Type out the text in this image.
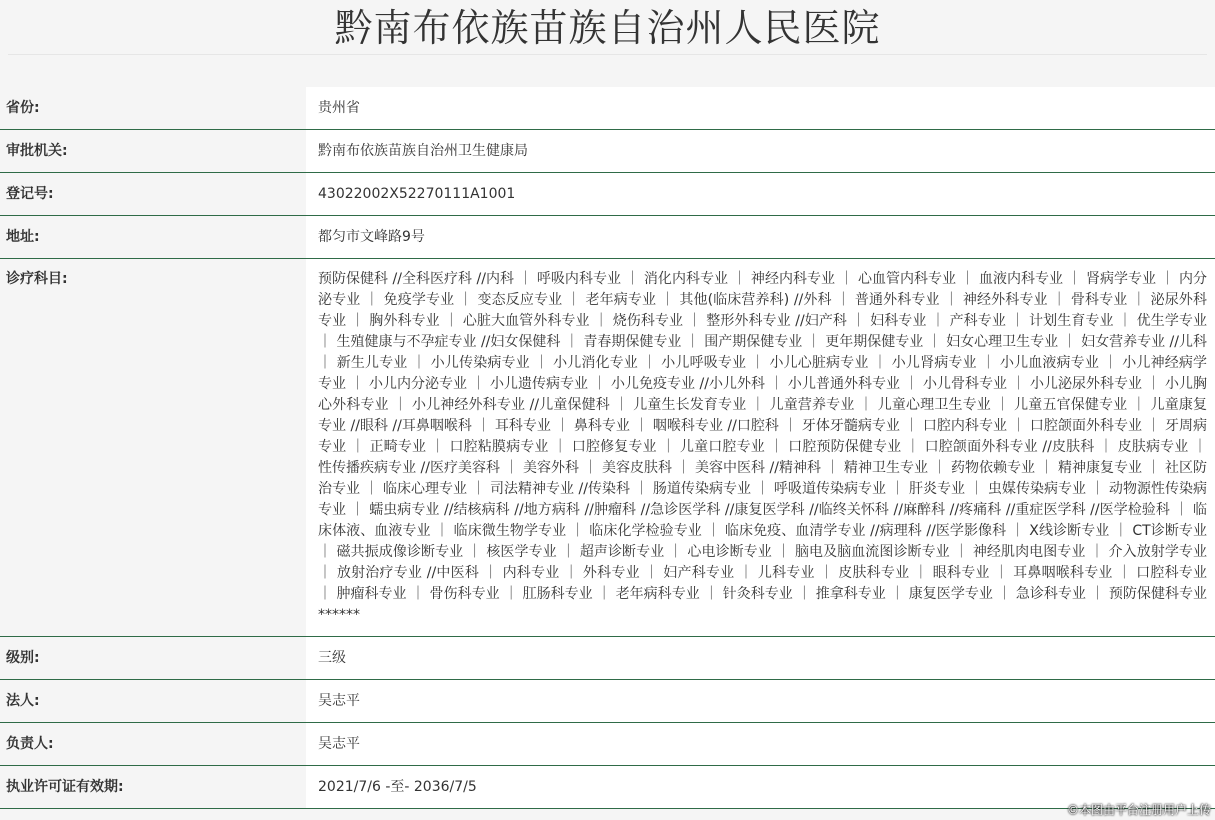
黔南布依族苗族自治州人民医院
省份:	贵州省
审批机关:	黔南布依族苗族自治州卫生健康局
登记号:	43022002X52270111A1001
地址:	都匀市文峰路9号
诊疗科目:	预防保健科 //全科医疗科 //内科 ｜ 呼吸内科专业 ｜ 消化内科专业 ｜ 神经内科专业 ｜ 心血管内科专业 ｜ 血液内科专业 ｜ 肾病学专业 ｜ 内分泌专业 ｜ 免疫学专业 ｜ 变态反应专业 ｜ 老年病专业 ｜ 其他(临床营养科) //外科 ｜ 普通外科专业 ｜ 神经外科专业 ｜ 骨科专业 ｜ 泌尿外科专业 ｜ 胸外科专业 ｜ 心脏大血管外科专业 ｜ 烧伤科专业 ｜ 整形外科专业 //妇产科 ｜ 妇科专业 ｜ 产科专业 ｜ 计划生育专业 ｜ 优生学专业 ｜ 生殖健康与不孕症专业 //妇女保健科 ｜ 青春期保健专业 ｜ 围产期保健专业 ｜ 更年期保健专业 ｜ 妇女心理卫生专业 ｜ 妇女营养专业 //儿科 ｜ 新生儿专业 ｜ 小儿传染病专业 ｜ 小儿消化专业 ｜ 小儿呼吸专业 ｜ 小儿心脏病专业 ｜ 小儿肾病专业 ｜ 小儿血液病专业 ｜ 小儿神经病学专业 ｜ 小儿内分泌专业 ｜ 小儿遗传病专业 ｜ 小儿免疫专业 //小儿外科 ｜ 小儿普通外科专业 ｜ 小儿骨科专业 ｜ 小儿泌尿外科专业 ｜ 小儿胸心外科专业 ｜ 小儿神经外科专业 //儿童保健科 ｜ 儿童生长发育专业 ｜ 儿童营养专业 ｜ 儿童心理卫生专业 ｜ 儿童五官保健专业 ｜ 儿童康复专业 //眼科 //耳鼻咽喉科 ｜ 耳科专业 ｜ 鼻科专业 ｜ 咽喉科专业 //口腔科 ｜ 牙体牙髓病专业 ｜ 口腔内科专业 ｜ 口腔颌面外科专业 ｜ 牙周病专业 ｜ 正畸专业 ｜ 口腔粘膜病专业 ｜ 口腔修复专业 ｜ 儿童口腔专业 ｜ 口腔预防保健专业 ｜ 口腔颌面外科专业 //皮肤科 ｜ 皮肤病专业 ｜ 性传播疾病专业 //医疗美容科 ｜ 美容外科 ｜ 美容皮肤科 ｜ 美容中医科 //精神科 ｜ 精神卫生专业 ｜ 药物依赖专业 ｜ 精神康复专业 ｜ 社区防治专业 ｜ 临床心理专业 ｜ 司法精神专业 //传染科 ｜ 肠道传染病专业 ｜ 呼吸道传染病专业 ｜ 肝炎专业 ｜ 虫媒传染病专业 ｜ 动物源性传染病专业 ｜ 蠕虫病专业 //结核病科 //地方病科 //肿瘤科 //急诊医学科 //康复医学科 //临终关怀科 //麻醉科 //疼痛科 //重症医学科 //医学检验科 ｜ 临床体液、血液专业 ｜ 临床微生物学专业 ｜ 临床化学检验专业 ｜ 临床免疫、血清学专业 //病理科 //医学影像科 ｜ X线诊断专业 ｜ CT诊断专业 ｜ 磁共振成像诊断专业 ｜ 核医学专业 ｜ 超声诊断专业 ｜ 心电诊断专业 ｜ 脑电及脑血流图诊断专业 ｜ 神经肌肉电图专业 ｜ 介入放射学专业 ｜ 放射治疗专业 //中医科 ｜ 内科专业 ｜ 外科专业 ｜ 妇产科专业 ｜ 儿科专业 ｜ 皮肤科专业 ｜ 眼科专业 ｜ 耳鼻咽喉科专业 ｜ 口腔科专业 ｜ 肿瘤科专业 ｜ 骨伤科专业 ｜ 肛肠科专业 ｜ 老年病科专业 ｜ 针灸科专业 ｜ 推拿科专业 ｜ 康复医学专业 ｜ 急诊科专业 ｜ 预防保健科专业******
级别:	三级
法人:	吴志平
负责人:	吴志平
执业许可证有效期:	2021/7/6 -至- 2036/7/5
©本图由平台注册用户上传
